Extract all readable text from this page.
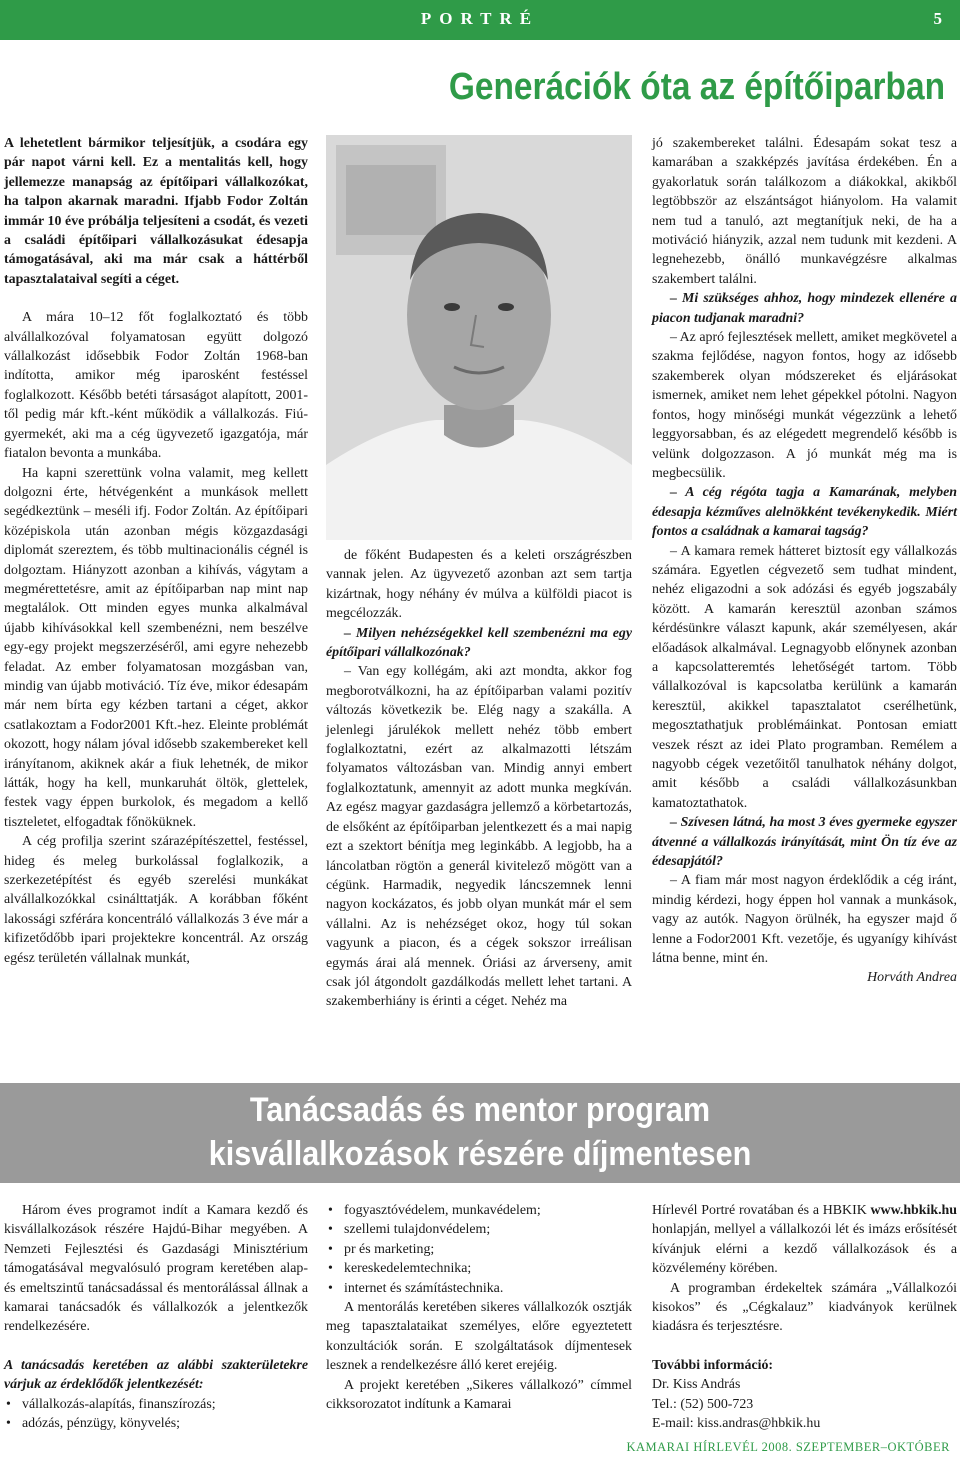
PORTRÉ	5
Generációk óta az építőiparban

A lehetetlent bármikor teljesítjük, a csodára egy pár napot várni kell. Ez a mentalitás kell, hogy jellemezze manapság az építőipari vállalkozókat, ha talpon akarnak maradni. Ifjabb Fodor Zoltán immár 10 éve próbálja teljesíteni a csodát, és vezeti a családi építőipari vállalkozásukat édesapja támogatásával, aki ma már csak a háttérből tapasztalataival segíti a céget.

A mára 10–12 főt foglalkoztató és több alvállalkozóval folyamatosan együtt dolgozó vállalkozást idősebbik Fodor Zoltán 1968-ban indította, amikor még iparosként festéssel foglalkozott. Később betéti társaságot alapított, 2001-től pedig már kft.-ként működik a vállalkozás. Fiú-gyermekét, aki ma a cég ügyvezető igazgatója, már fiatalon bevonta a munkába.

Ha kapni szerettünk volna valamit, meg kellett dolgozni érte, hétvégenként a munkások mellett segédkeztünk – meséli ifj. Fodor Zoltán. Az építőipari középiskola után azonban mégis közgazdasági diplomát szereztem, és több multinacionális cégnél is dolgoztam. Hiányzott azonban a kihívás, vágytam a megmérettetésre, amit az építőiparban nap mint nap megtalálok. Ott minden egyes munka alkalmával újabb kihívásokkal kell szembenézni, nem beszélve egy-egy projekt megszerzéséről, ami egyre nehezebb feladat. Az ember folyamatosan mozgásban van, mindig van újabb motiváció. Tíz éve, mikor édesapám már nem bírta egy kézben tartani a céget, akkor csatlakoztam a Fodor2001 Kft.-hez. Eleinte problémát okozott, hogy nálam jóval idősebb szakembereket kell irányítanom, akiknek akár a fiuk lehetnék, de mikor látták, hogy ha kell, munkaruhát öltök, glettelek, festek vagy éppen burkolok, és megadom a kellő tiszteletet, elfogadtak főnöküknek.

A cég profilja szerint szárazépítészettel, festéssel, hideg és meleg burkolással foglalkozik, a szerkezetépítést és egyéb szerelési munkákat alvállalkozókkal csinálttatják. A korábban főként lakossági szférára koncentráló vállalkozás 3 éve már a kifizetődőbb ipari projektekre koncentrál. Az ország egész területén vállalnak munkát,

de főként Budapesten és a keleti országrészben vannak jelen. Az ügyvezető azonban azt sem tartja kizártnak, hogy néhány év múlva a külföldi piacot is megcélozzák.

– Milyen nehézségekkel kell szembenézni ma egy építőipari vállalkozónak?

– Van egy kollégám, aki azt mondta, akkor fog megborotválkozni, ha az építőiparban valami pozitív változás következik be. Elég nagy a szakálla. A jelenlegi járulékok mellett nehéz több embert foglalkoztatni, ezért az alkalmazotti létszám folyamatos változásban van. Mindig annyi embert foglalkoztatunk, amennyit az adott munka megkíván. Az egész magyar gazdaságra jellemző a körbetartozás, de elsőként az építőiparban jelentkezett és a mai napig ezt a szektort bénítja meg leginkább. A legjobb, ha a láncolatban rögtön a generál kivitelező mögött van a cégünk. Harmadik, negyedik láncszemnek lenni nagyon kockázatos, és jobb olyan munkát már el sem vállalni. Az is nehézséget okoz, hogy túl sokan vagyunk a piacon, és a cégek sokszor irreálisan egymás árai alá mennek. Óriási az árverseny, amit csak jól átgondolt gazdálkodás mellett lehet tartani. A szakemberhiány is érinti a céget. Nehéz ma

jó szakembereket találni. Édesapám sokat tesz a kamarában a szakképzés javítása érdekében. Én a gyakorlatuk során találkozom a diákokkal, akikből legtöbbször az elszántságot hiányolom. Ha valamit nem tud a tanuló, azt megtanítjuk neki, de ha a motiváció hiányzik, azzal nem tudunk mit kezdeni. A legnehezebb, önálló munkavégzésre alkalmas szakembert találni.

– Mi szükséges ahhoz, hogy mindezek ellenére a piacon tudjanak maradni?

– Az apró fejlesztések mellett, amiket megkövetel a szakma fejlődése, nagyon fontos, hogy az idősebb szakemberek olyan módszereket és eljárásokat ismernek, amiket nem lehet gépekkel pótolni. Nagyon fontos, hogy minőségi munkát végezzünk a lehető leggyorsabban, és az elégedett megrendelő később is velünk dolgozzason. A jó munkát még ma is megbecsülik.

– A cég régóta tagja a Kamarának, melyben édesapja kézműves alelnökként tevékenykedik. Miért fontos a családnak a kamarai tagság?

– A kamara remek hátteret biztosít egy vállalkozás számára. Egyetlen cégvezető sem tudhat mindent, nehéz eligazodni a sok adózási és egyéb jogszabály között. A kamarán keresztül azonban számos kérdésünkre választ kapunk, akár személyesen, akár előadások alkalmával. Legnagyobb előnynek azonban a kapcsolatteremtés lehetőségét tartom. Több vállalkozóval is kapcsolatba kerülünk a kamarán keresztül, akikkel tapasztalatot cserélhetünk, megosztathatjuk problémáinkat. Pontosan emiatt veszek részt az idei Plato programban. Remélem a nagyobb cégek vezetőitől tanulhatok néhány dolgot, amit később a családi vállalkozásunkban kamatoztathatok.

– Szívesen látná, ha most 3 éves gyermeke egyszer átvenné a vállalkozás irányítását, mint Ön tíz éve az édesapjától?

– A fiam már most nagyon érdeklődik a cég iránt, mindig kérdezi, hogy éppen hol vannak a munkások, vagy az autók. Nagyon örülnék, ha egyszer majd ő lenne a Fodor2001 Kft. vezetője, és ugyanígy kihívást látna benne, mint én.

Horváth Andrea

Tanácsadás és mentor program
kisvállalkozások részére díjmentesen

Három éves programot indít a Kamara kezdő és kisvállalkozások részére Hajdú-Bihar megyében. A Nemzeti Fejlesztési és Gazdasági Minisztérium támogatásával megvalósuló program keretében alap- és emeltszintű tanácsadással és mentorálással állnak a kamarai tanácsadók és vállalkozók a jelentkezők rendelkezésére.

A tanácsadás keretében az alábbi szakterületekre várjuk az érdeklődők jelentkezését:

• vállalkozás-alapítás, finanszírozás;
• adózás, pénzügy, könyvelés;
• fogyasztóvédelem, munkavédelem;
• szellemi tulajdonvédelem;
• pr és marketing;
• kereskedelemtechnika;
• internet és számítástechnika.

A mentorálás keretében sikeres vállalkozók osztják meg tapasztalataikat személyes, előre egyeztetett konzultációk során. E szolgáltatások díjmentesek lesznek a rendelkezésre álló keret erejéig.

A projekt keretében „Sikeres vállalkozó” címmel cikksorozatot indítunk a Kamarai

Hírlevél Portré rovatában és a HBKIK www.hbkik.hu honlapján, mellyel a vállalkozói lét és imázs erősítését kívánjuk elérni a kezdő vállalkozások és a közvélemény körében.

A programban érdekeltek számára „Vállalkozói kisokos” és „Cégkalauz” kiadványok kerülnek kiadásra és terjesztésre.

További információ:

Dr. Kiss András

Tel.: (52) 500-723

E-mail: kiss.andras@hbkik.hu

KAMARAI HÍRLEVÉL 2008. SZEPTEMBER–OKTÓBER
